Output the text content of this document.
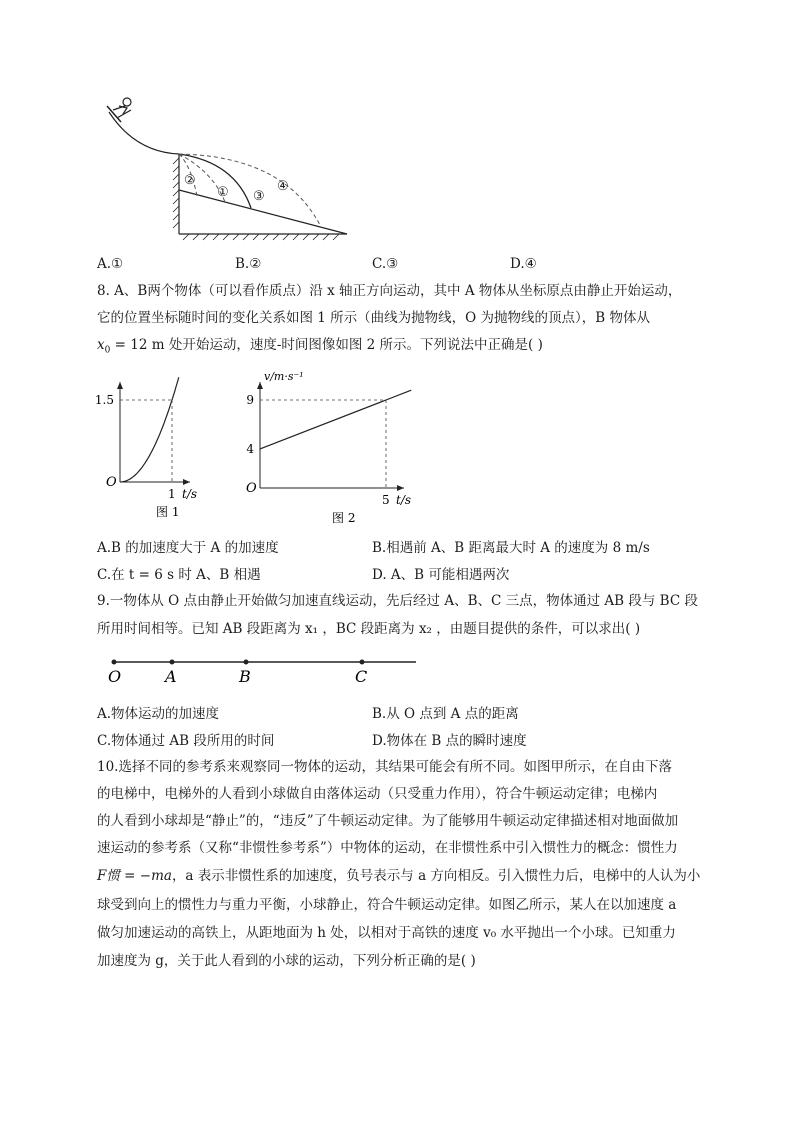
②
① ③
④
A.①	B.②	C.③	D.④
8. A、B两个物体（可以看作质点）沿 x 轴正方向运动，其中 A 物体从坐标原点由静止开始运动，
它的位置坐标随时间的变化关系如图 1 所示（曲线为抛物线，O 为抛物线的顶点），B 物体从
$x_0 = 12$ m 处开始运动，速度-时间图像如图 2 所示。下列说法中正确是( )
O
1
1.5
t/s
图 1
O
5
4
9
t/s
v/m·s⁻¹
图 2
A.B 的加速度大于 A 的加速度	B.相遇前 A、B 距离最大时 A 的速度为 8 m/s
C.在 t = 6 s 时 A、B 相遇	D. A、B 可能相遇两次
9.一物体从 O 点由静止开始做匀加速直线运动，先后经过 A、B、C 三点，物体通过 AB 段与 BC 段
所用时间相等。已知 AB 段距离为 x₁ ，BC 段距离为 x₂ ，由题目提供的条件，可以求出( )
O	A	B	C
A.物体运动的加速度	B.从 O 点到 A 点的距离
C.物体通过 AB 段所用的时间	D.物体在 B 点的瞬时速度
10.选择不同的参考系来观察同一物体的运动，其结果可能会有所不同。如图甲所示，在自由下落
的电梯中，电梯外的人看到小球做自由落体运动（只受重力作用），符合牛顿运动定律；电梯内
的人看到小球却是“静止”的，“违反”了牛顿运动定律。为了能够用牛顿运动定律描述相对地面做加
速运动的参考系（又称“非惯性参考系”）中物体的运动，在非惯性系中引入惯性力的概念：惯性力
F惯 = −ma，a 表示非惯性系的加速度，负号表示与 a 方向相反。引入惯性力后，电梯中的人认为小
球受到向上的惯性力与重力平衡，小球静止，符合牛顿运动定律。如图乙所示，某人在以加速度 a
做匀加速运动的高铁上，从距地面为 h 处，以相对于高铁的速度 v₀ 水平抛出一个小球。已知重力
加速度为 g，关于此人看到的小球的运动，下列分析正确的是( )
